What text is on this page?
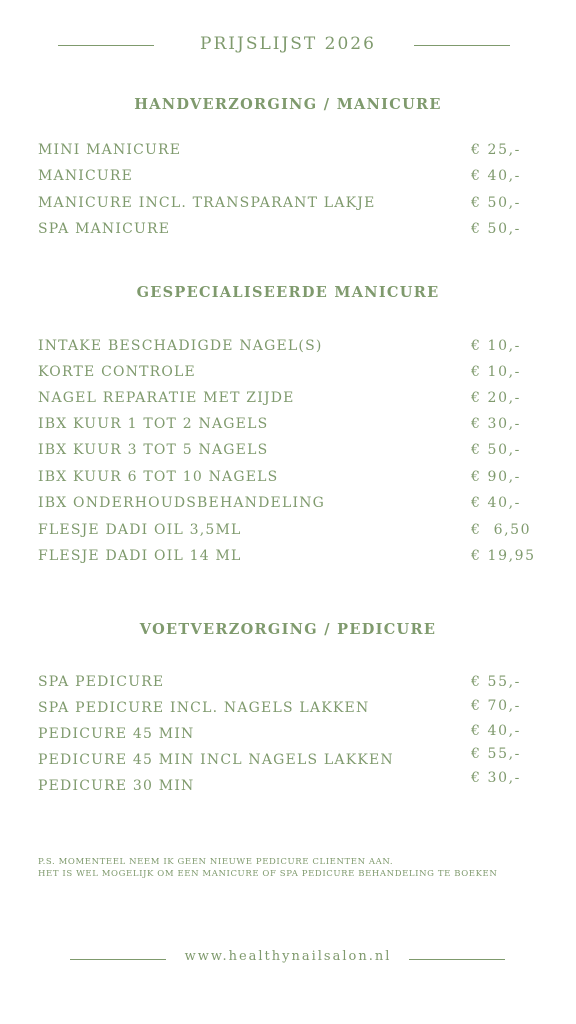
PRIJSLIJST 2026
HANDVERZORGING / MANICURE
MINI MANICURE	€ 25,-
MANICURE	€ 40,-
MANICURE INCL. TRANSPARANT LAKJE	€ 50,-
SPA MANICURE	€ 50,-
GESPECIALISEERDE MANICURE
INTAKE BESCHADIGDE NAGEL(S)	€ 10,-
KORTE CONTROLE	€ 10,-
NAGEL REPARATIE MET ZIJDE	€ 20,-
IBX KUUR 1 TOT 2 NAGELS	€ 30,-
IBX KUUR 3 TOT 5 NAGELS	€ 50,-
IBX KUUR 6 TOT 10 NAGELS	€ 90,-
IBX ONDERHOUDSBEHANDELING	€ 40,-
FLESJE DADI OIL 3,5ML	€  6,50
FLESJE DADI OIL 14 ML	€ 19,95
VOETVERZORGING / PEDICURE
SPA PEDICURE	€ 55,-
SPA PEDICURE INCL. NAGELS LAKKEN	€ 70,-
PEDICURE 45 MIN	€ 40,-
PEDICURE 45 MIN INCL NAGELS LAKKEN	€ 55,-
PEDICURE 30 MIN	€ 30,-
P.S. MOMENTEEL NEEM IK GEEN NIEUWE PEDICURE CLIENTEN AAN.
HET IS WEL MOGELIJK OM EEN MANICURE OF SPA PEDICURE BEHANDELING TE BOEKEN
www.healthynailsalon.nl
